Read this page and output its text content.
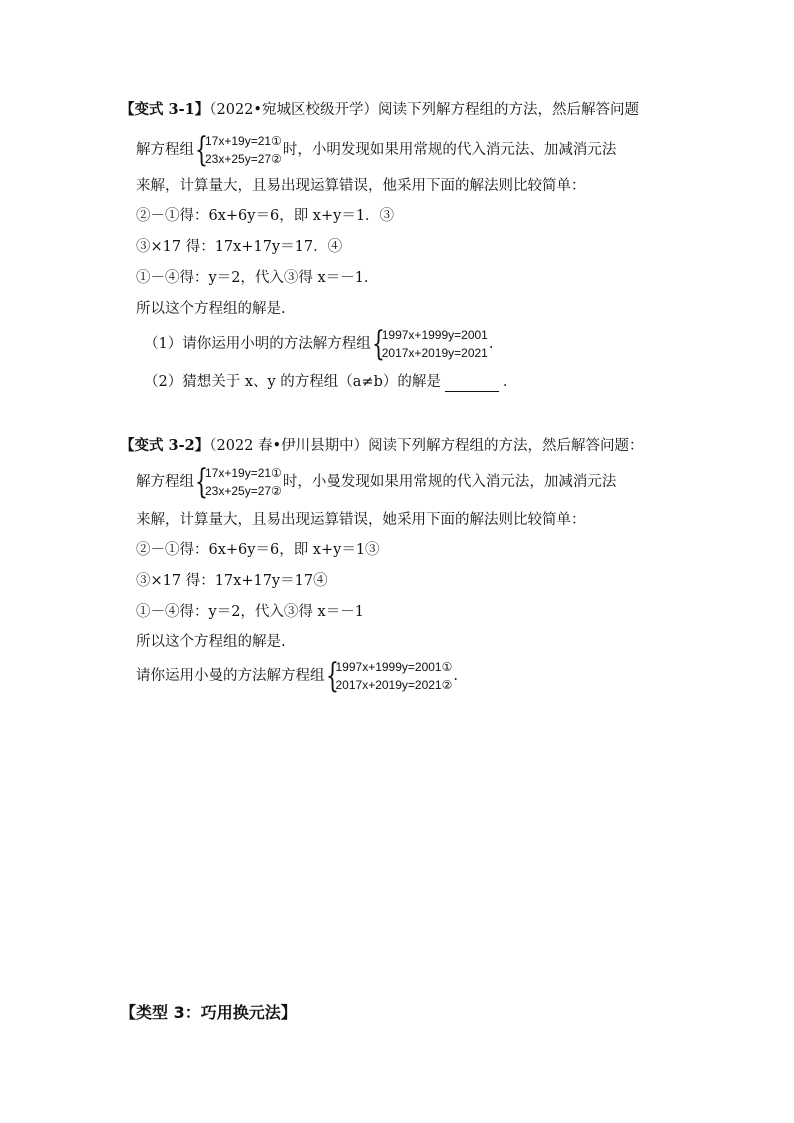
【变式 3-1】（2022•宛城区校级开学）阅读下列解方程组的方法，然后解答问题
解方程组 {
17x+19y=21①
23x+25y=27②
时，小明发现如果用常规的代入消元法、加减消元法
来解，计算量大，且易出现运算错误，他采用下面的解法则比较简单：
②－①得：6x+6y＝6，即 x+y＝1．③
③×17 得：17x+17y＝17．④
①－④得：y＝2，代入③得 x＝－1．
所以这个方程组的解是.
（1）请你运用小明的方法解方程组 {
1997x+1999y=2001
2017x+2019y=2021
.
（2）猜想关于 x、y 的方程组（a≠b）的解是	．
【变式 3-2】（2022 春•伊川县期中）阅读下列解方程组的方法，然后解答问题：
解方程组 {
17x+19y=21①
23x+25y=27②
时，小曼发现如果用常规的代入消元法，加减消元法
来解，计算量大，且易出现运算错误，她采用下面的解法则比较简单：
②－①得：6x+6y＝6，即 x+y＝1③
③×17 得：17x+17y＝17④
①－④得：y＝2，代入③得 x＝－1
所以这个方程组的解是.
请你运用小曼的方法解方程组 {
1997x+1999y=2001①
2017x+2019y=2021②
.
【类型 3：巧用换元法】
